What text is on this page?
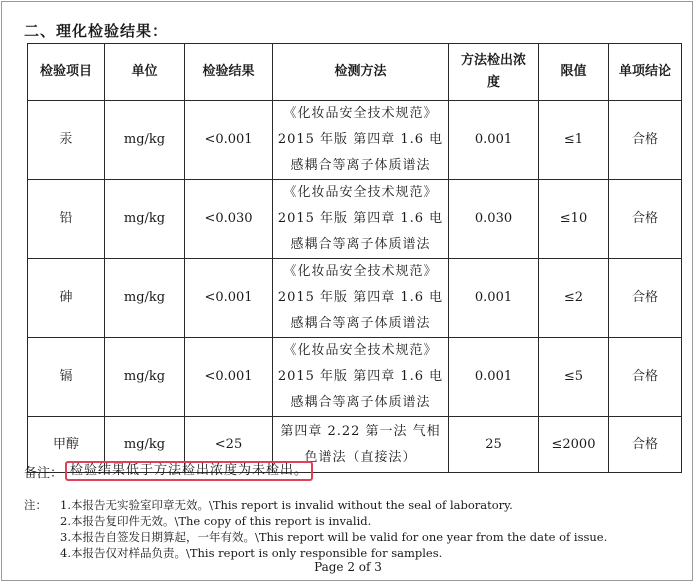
二、理化检验结果：
检验项目	单位	检验结果	检测方法	方法检出浓度	限值	单项结论
汞	mg/kg	<0.001	《化妆品安全技术规范》
2015 年版 第四章 1.6 电
感耦合等离子体质谱法	0.001	≤1	合格
铅	mg/kg	<0.030	《化妆品安全技术规范》
2015 年版 第四章 1.6 电
感耦合等离子体质谱法	0.030	≤10	合格
砷	mg/kg	<0.001	《化妆品安全技术规范》
2015 年版 第四章 1.6 电
感耦合等离子体质谱法	0.001	≤2	合格
镉	mg/kg	<0.001	《化妆品安全技术规范》
2015 年版 第四章 1.6 电
感耦合等离子体质谱法	0.001	≤5	合格
甲醇	mg/kg	<25	第四章 2.22 第一法 气相
色谱法（直接法）	25	≤2000	合格
备注： 检验结果低于方法检出浓度为未检出。
注：	1.本报告无实验室印章无效。\This report is invalid without the seal of laboratory.
2.本报告复印件无效。\The copy of this report is invalid.
3.本报告自签发日期算起，一年有效。\This report will be valid for one year from the date of issue.
4.本报告仅对样品负责。\This report is only responsible for samples.
Page 2 of 3
